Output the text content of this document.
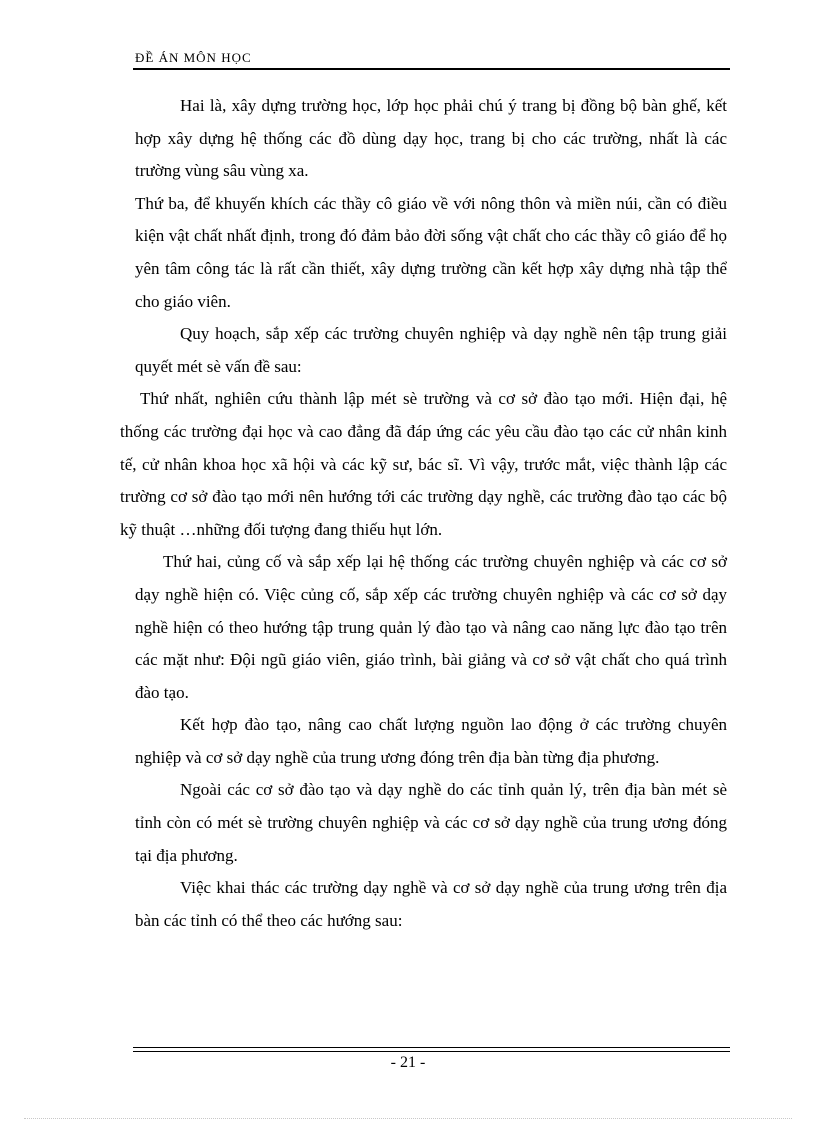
ĐỀ ÁN MÔN HỌC

Hai là, xây dựng trường học, lớp học phải chú ý trang bị đồng bộ bàn ghế, kết hợp xây dựng hệ thống các đồ dùng dạy học, trang bị cho các trường, nhất là các trường vùng sâu vùng xa.

Thứ ba, để khuyến khích các thầy cô giáo về với nông thôn và miền núi, cần có điều kiện vật chất nhất định, trong đó đảm bảo đời sống vật chất cho các thầy cô giáo để họ yên tâm công tác là rất cần thiết, xây dựng trường cần kết hợp xây dựng nhà tập thể cho giáo viên.

Quy hoạch, sắp xếp các trường chuyên nghiệp và dạy nghề nên tập trung giải quyết mét sè vấn đề sau:

Thứ nhất, nghiên cứu thành lập mét sè trường và cơ sở đào tạo mới. Hiện đại, hệ thống các trường đại học và cao đẳng đã đáp ứng các yêu cầu đào tạo các cử nhân kinh tế, cử nhân khoa học xã hội và các kỹ sư, bác sĩ. Vì vậy, trước mắt, việc thành lập các trường cơ sở đào tạo mới nên hướng tới các trường dạy nghề, các trường đào tạo các bộ kỹ thuật …những đối tượng đang thiếu hụt lớn.

Thứ hai, củng cố và sắp xếp lại hệ thống các trường chuyên nghiệp và các cơ sở dạy nghề hiện có. Việc củng cố, sắp xếp các trường chuyên nghiệp và các cơ sở dạy nghề hiện có theo hướng tập trung quản lý đào tạo và nâng cao năng lực đào tạo trên các mặt như: Đội ngũ giáo viên, giáo trình, bài giảng và cơ sở vật chất cho quá trình đào tạo.

Kết hợp đào tạo, nâng cao chất lượng nguồn lao động ở các trường chuyên nghiệp và cơ sở dạy nghề của trung ương đóng trên địa bàn từng địa phương.

Ngoài các cơ sở đào tạo và dạy nghề do các tỉnh quản lý, trên địa bàn mét sè tỉnh còn có mét sè trường chuyên nghiệp và các cơ sở dạy nghề của trung ương đóng tại địa phương.

Việc khai thác các trường dạy nghề và cơ sở dạy nghề của trung ương trên địa bàn các tỉnh có thể theo các hướng sau:

- 21 -
